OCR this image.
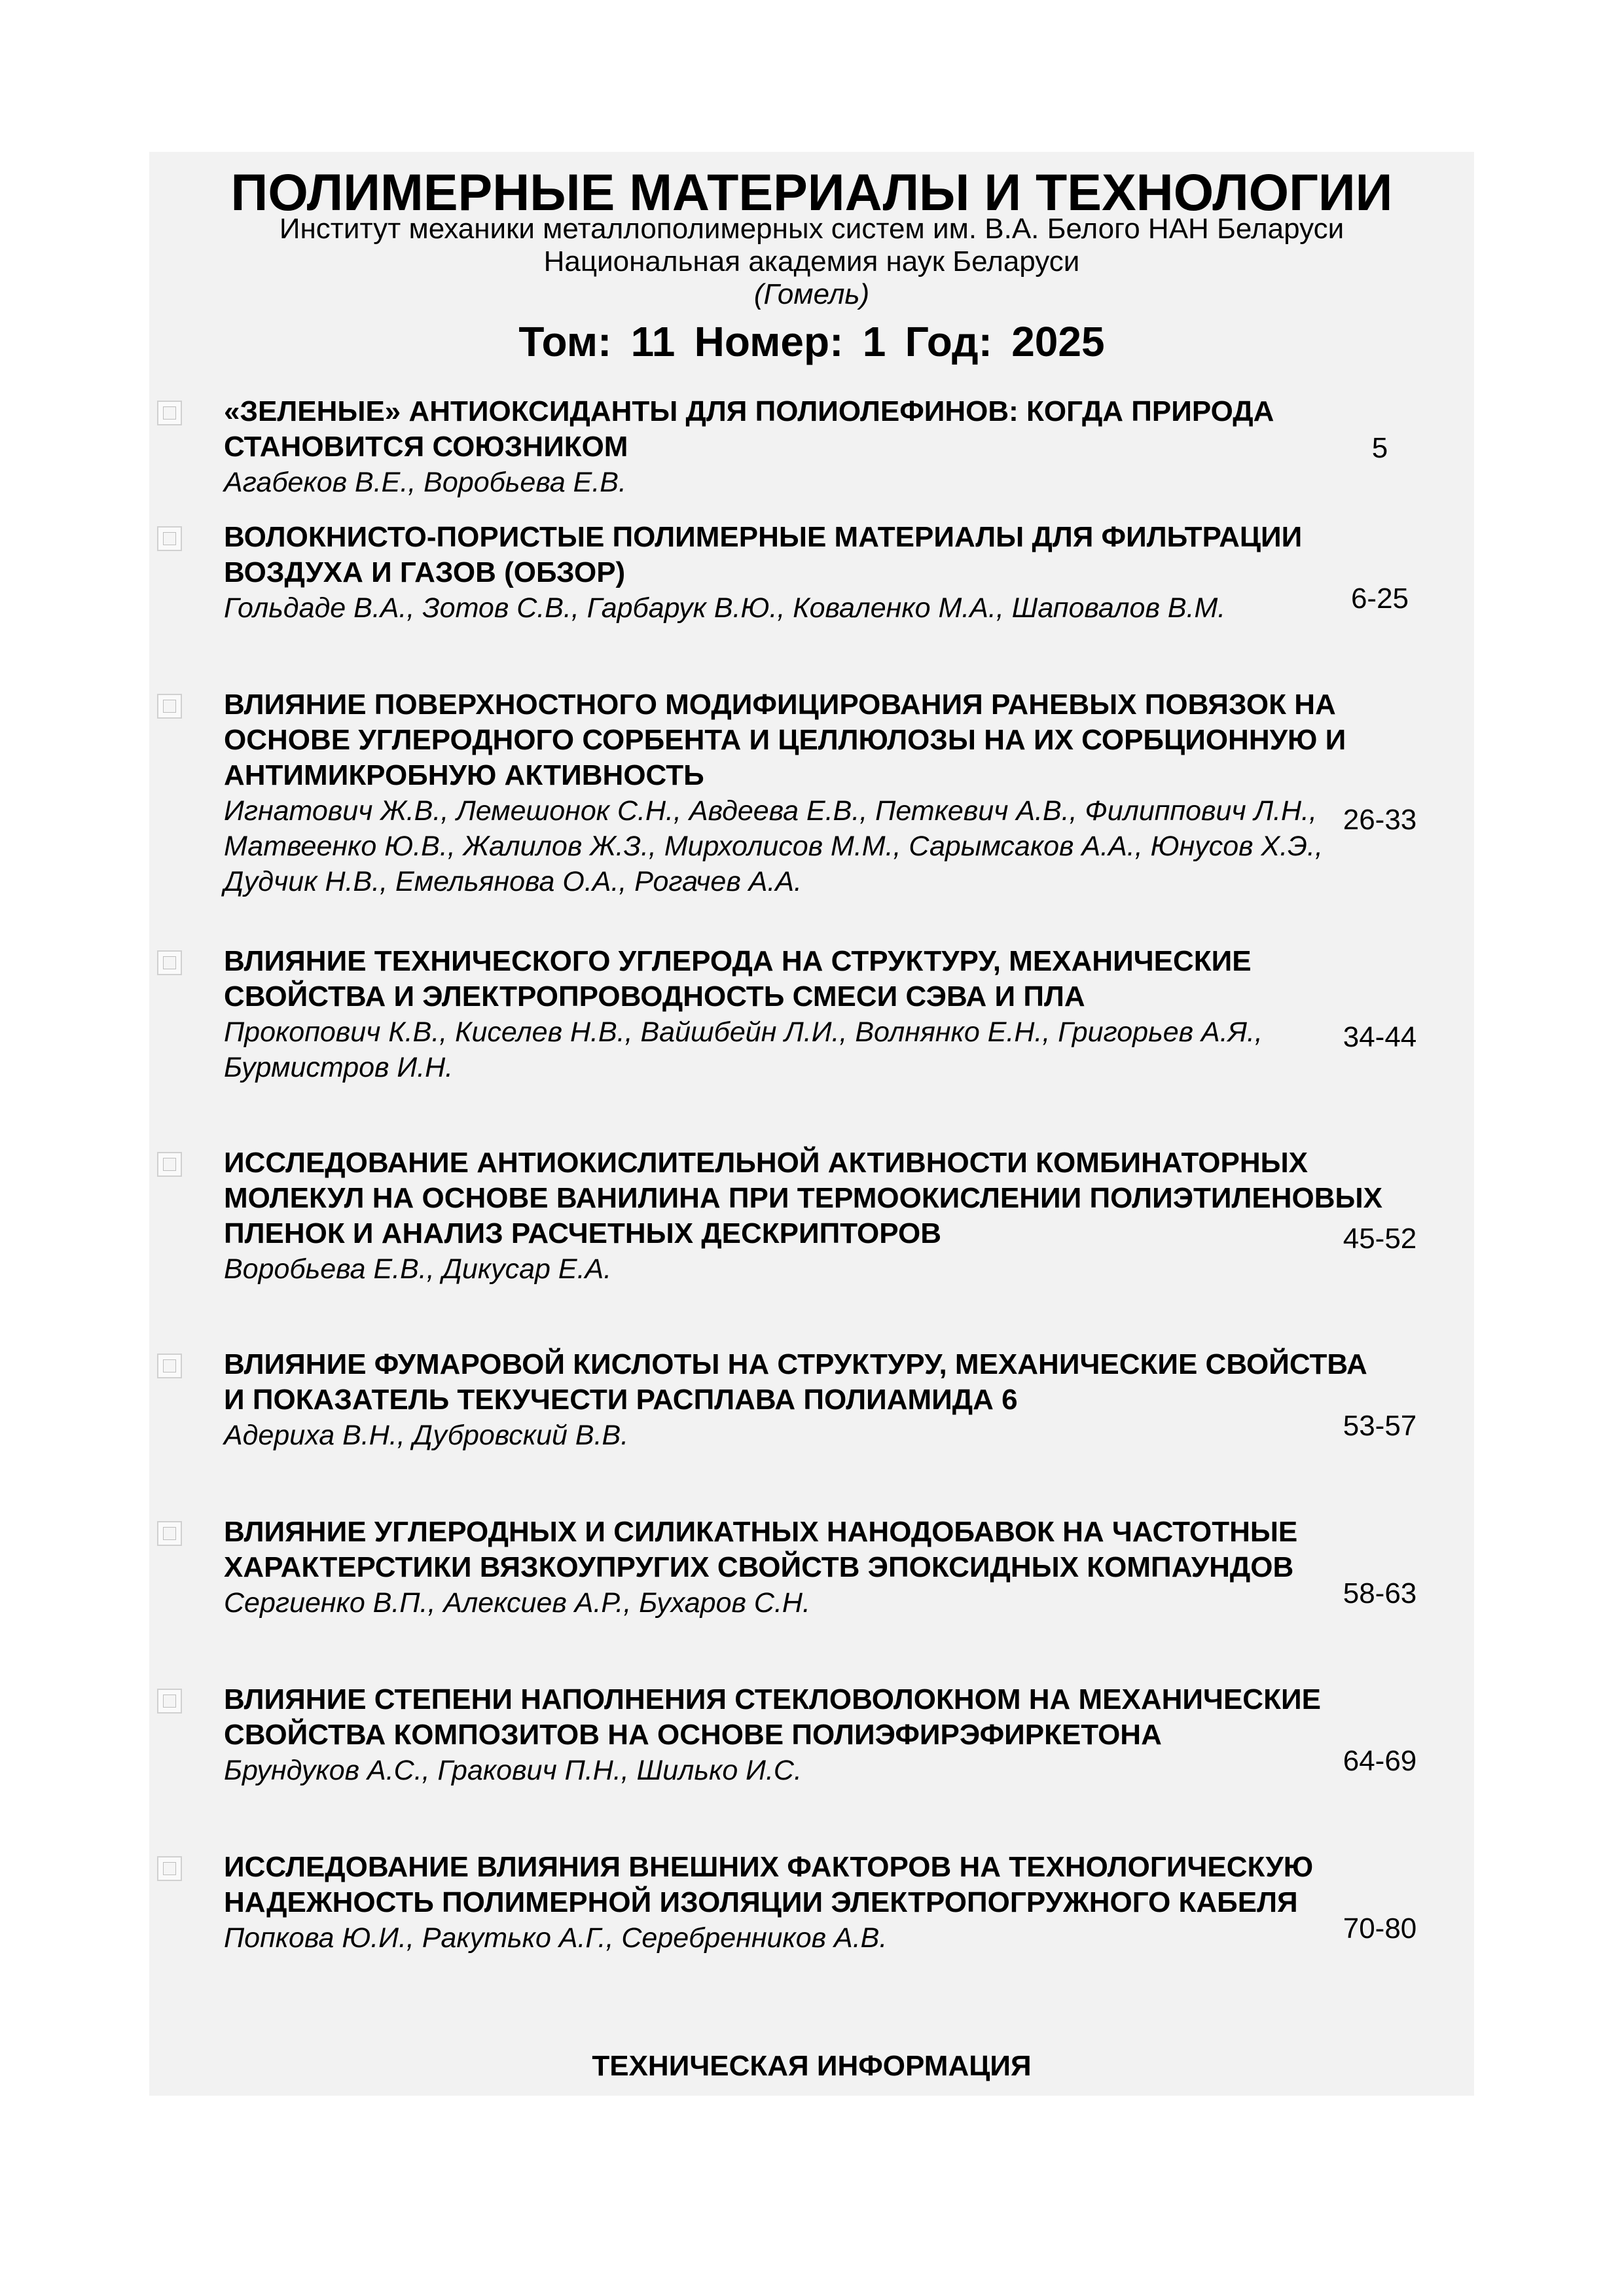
ПОЛИМЕРНЫЕ МАТЕРИАЛЫ И ТЕХНОЛОГИИ
Институт механики металлополимерных систем им. В.А. Белого НАН Беларуси
Национальная академия наук Беларуси
(Гомель)
Том: 11 Номер: 1 Год: 2025
«ЗЕЛЕНЫЕ» АНТИОКСИДАНТЫ ДЛЯ ПОЛИОЛЕФИНОВ: КОГДА ПРИРОДА СТАНОВИТСЯ СОЮЗНИКОМ
Агабеков В.Е., Воробьева Е.В.
5
ВОЛОКНИСТО-ПОРИСТЫЕ ПОЛИМЕРНЫЕ МАТЕРИАЛЫ ДЛЯ ФИЛЬТРАЦИИ ВОЗДУХА И ГАЗОВ (ОБЗОР)
Гольдаде В.А., Зотов С.В., Гарбарук В.Ю., Коваленко М.А., Шаповалов В.М.	6-25
ВЛИЯНИЕ ПОВЕРХНОСТНОГО МОДИФИЦИРОВАНИЯ РАНЕВЫХ ПОВЯЗОК НА ОСНОВЕ УГЛЕРОДНОГО СОРБЕНТА И ЦЕЛЛЮЛОЗЫ НА ИХ СОРБЦИОННУЮ И АНТИМИКРОБНУЮ АКТИВНОСТЬ
Игнатович Ж.В., Лемешонок С.Н., Авдеева Е.В., Петкевич А.В., Филиппович Л.Н., Матвеенко Ю.В., Жалилов Ж.З., Мирхолисов М.М., Сарымсаков А.А., Юнусов Х.Э., Дудчик Н.В., Емельянова О.А., Рогачев А.А.
26-33
ВЛИЯНИЕ ТЕХНИЧЕСКОГО УГЛЕРОДА НА СТРУКТУРУ, МЕХАНИЧЕСКИЕ СВОЙСТВА И ЭЛЕКТРОПРОВОДНОСТЬ СМЕСИ СЭВА И ПЛА
Прокопович К.В., Киселев Н.В., Вайшбейн Л.И., Волнянко Е.Н., Григорьев А.Я., Бурмистров И.Н.
34-44
ИССЛЕДОВАНИЕ АНТИОКИСЛИТЕЛЬНОЙ АКТИВНОСТИ КОМБИНАТОРНЫХ МОЛЕКУЛ НА ОСНОВЕ ВАНИЛИНА ПРИ ТЕРМООКИСЛЕНИИ ПОЛИЭТИЛЕНОВЫХ ПЛЕНОК И АНАЛИЗ РАСЧЕТНЫХ ДЕСКРИПТОРОВ
Воробьева Е.В., Дикусар Е.А.
45-52
ВЛИЯНИЕ ФУМАРОВОЙ КИСЛОТЫ НА СТРУКТУРУ, МЕХАНИЧЕСКИЕ СВОЙСТВА И ПОКАЗАТЕЛЬ ТЕКУЧЕСТИ РАСПЛАВА ПОЛИАМИДА 6
Адериха В.Н., Дубровский В.В.	53-57
ВЛИЯНИЕ УГЛЕРОДНЫХ И СИЛИКАТНЫХ НАНОДОБАВОК НА ЧАСТОТНЫЕ ХАРАКТЕРСТИКИ ВЯЗКОУПРУГИХ СВОЙСТВ ЭПОКСИДНЫХ КОМПАУНДОВ
Сергиенко В.П., Алексиев А.Р., Бухаров С.Н.	58-63
ВЛИЯНИЕ СТЕПЕНИ НАПОЛНЕНИЯ СТЕКЛОВОЛОКНОМ НА МЕХАНИЧЕСКИЕ СВОЙСТВА КОМПОЗИТОВ НА ОСНОВЕ ПОЛИЭФИРЭФИРКЕТОНА
Брундуков А.С., Гракович П.Н., Шилько И.С.	64-69
ИССЛЕДОВАНИЕ ВЛИЯНИЯ ВНЕШНИХ ФАКТОРОВ НА ТЕХНОЛОГИЧЕСКУЮ НАДЕЖНОСТЬ ПОЛИМЕРНОЙ ИЗОЛЯЦИИ ЭЛЕКТРОПОГРУЖНОГО КАБЕЛЯ
Попкова Ю.И., Ракутько А.Г., Серебренников А.В.	70-80
ТЕХНИЧЕСКАЯ ИНФОРМАЦИЯ
